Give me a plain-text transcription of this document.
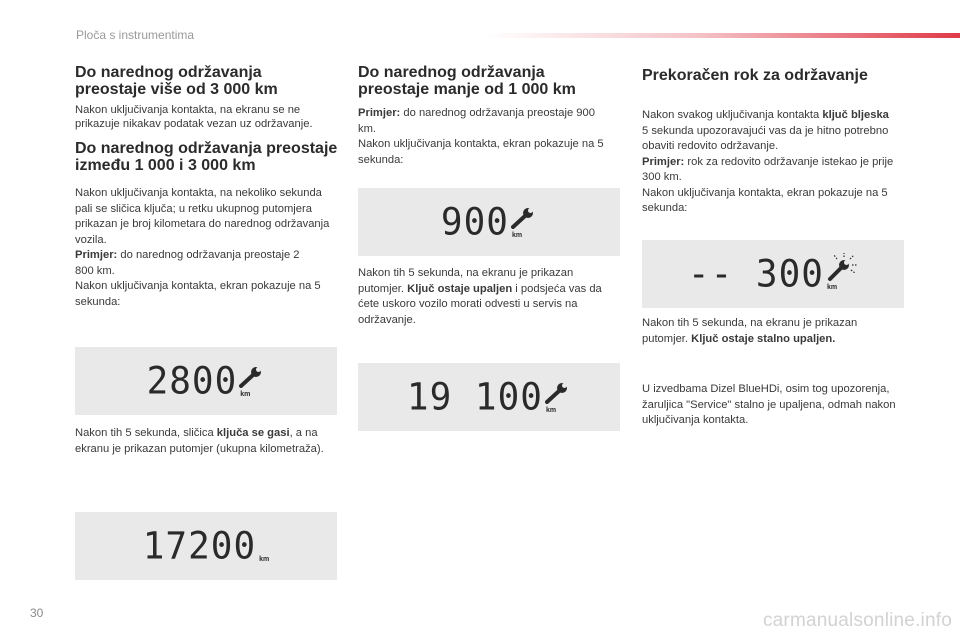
Ploča s instrumentima
Do narednog održavanja preostaje više od 3 000 km

Nakon uključivanja kontakta, na ekranu se ne prikazuje nikakav podatak vezan uz održavanje.

Do narednog održavanja preostaje između 1 000 i 3 000 km

Nakon uključivanja kontakta, na nekoliko sekunda pali se sličica ključa; u retku ukupnog putomjera prikazan je broj kilometara do narednog održavanja vozila.

Primjer: do narednog održavanja preostaje 2 800 km.

Nakon uključivanja kontakta, ekran pokazuje na 5 sekunda:

2800 km

Nakon tih 5 sekunda, sličica ključa se gasi, a na ekranu je prikazan putomjer (ukupna kilometraža).

17200 km
Do narednog održavanja preostaje manje od 1 000 km

Primjer: do narednog održavanja preostaje 900 km.

Nakon uključivanja kontakta, ekran pokazuje na 5 sekunda:

900 km

Nakon tih 5 sekunda, na ekranu je prikazan putomjer. Ključ ostaje upaljen i podsjeća vas da ćete uskoro vozilo morati odvesti u servis na održavanje.

19 100 km
Prekoračen rok za održavanje

Nakon svakog uključivanja kontakta ključ bljeska 5 sekunda upozoravajući vas da je hitno potrebno obaviti redovito održavanje.

Primjer: rok za redovito održavanje istekao je prije 300 km.

Nakon uključivanja kontakta, ekran pokazuje na 5 sekunda:

-- 300 km

Nakon tih 5 sekunda, na ekranu je prikazan putomjer. Ključ ostaje stalno upaljen.

U izvedbama Dizel BlueHDi, osim tog upozorenja, žaruljica "Service" stalno je upaljena, odmah nakon uključivanja kontakta.

30	carmanualsonline.info
